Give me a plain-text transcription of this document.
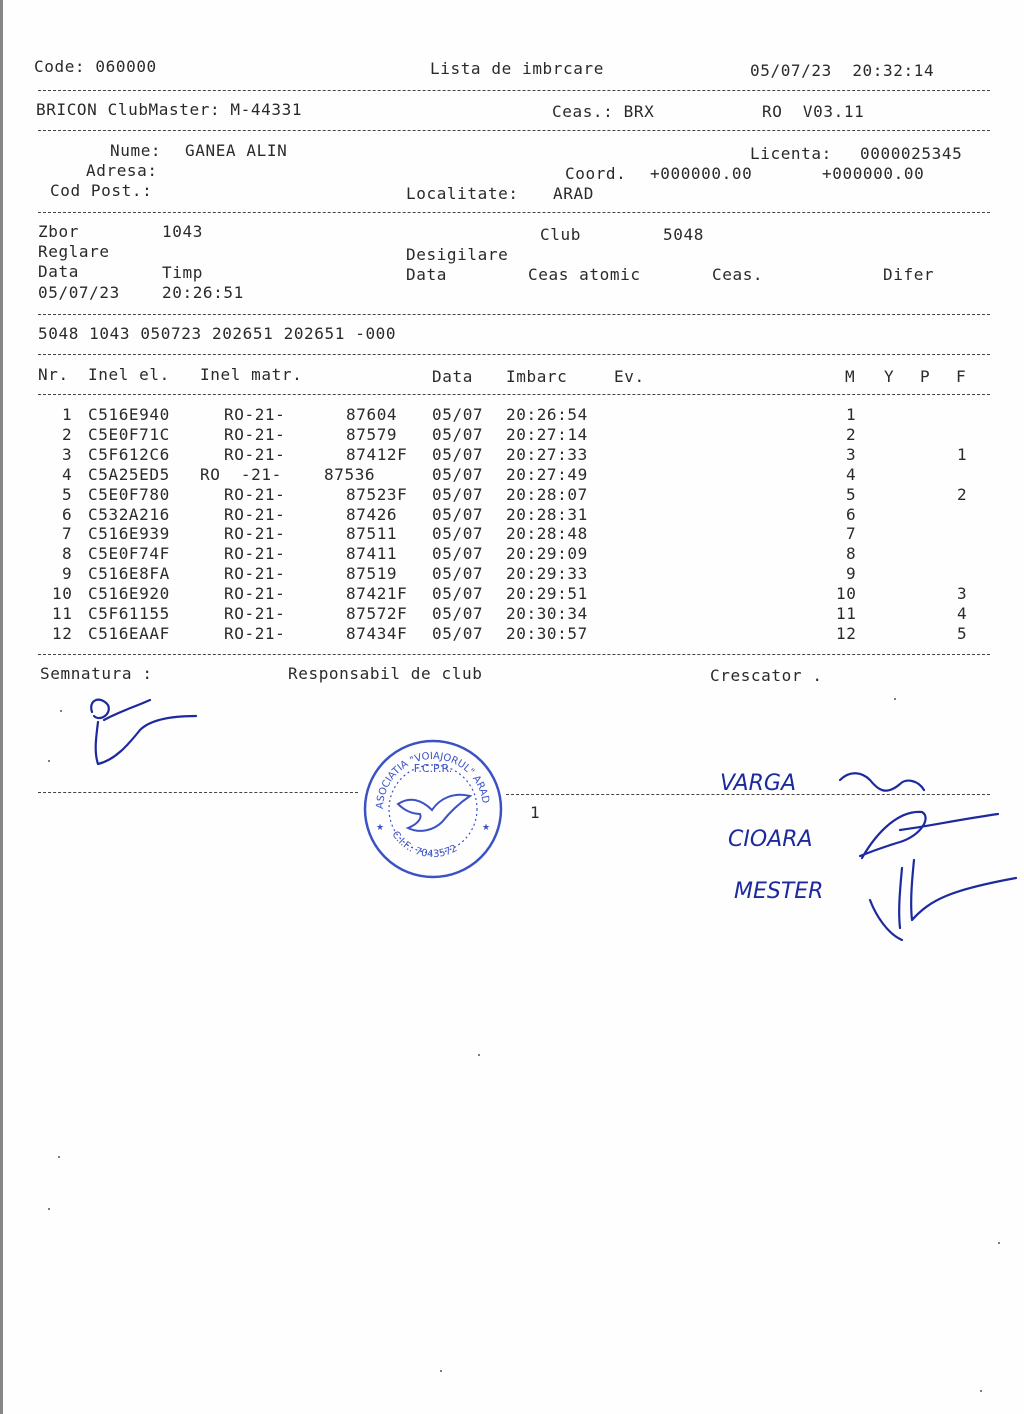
Code: 060000	Lista de imbrcare	05/07/23  20:32:14
BRICON ClubMaster: M-44331	Ceas.: BRX	RO  V03.11
Nume: GANEA ALIN	Licenta: 0000025345
Adresa:	Coord. +000000.00	+000000.00
Cod Post.:	Localitate: ARAD
Zbor	1043	Club	5048
Reglare	Desigilare
Data	Timp	Data	Ceas atomic	Ceas.	Difer
05/07/23	20:26:51
5048 1043 050723 202651 202651 -000
Nr. Inel el. Inel matr.	Data Imbarc	Ev.	M Y P F
1 C516E940	RO-21-	87604 05/07 20:26:54	1
2 C5E0F71C	RO-21-	87579 05/07 20:27:14	2
3 C5F612C6	RO-21-	87412F 05/07 20:27:33	3	1
4 C5A25ED5 RO  -21-	87536	05/07 20:27:49	4
5 C5E0F780	RO-21-	87523F 05/07 20:28:07	5	2
6 C532A216	RO-21-	87426 05/07 20:28:31	6
7 C516E939	RO-21-	87511 05/07 20:28:48	7
8 C5E0F74F	RO-21-	87411 05/07 20:29:09	8
9 C516E8FA	RO-21-	87519 05/07 20:29:33	9
10 C516E920	RO-21-	87421F 05/07 20:29:51	10	3
11 C5F61155	RO-21-	87572F 05/07 20:30:34	11	4
12 C516EAAF	RO-21-	87434F 05/07 20:30:57	12	5
Semnatura :	Responsabil de club	Crescator .
1
VARGA
CIOARA
MESTER
ASOCIATIA "VOIAJORUL" ARAD
F.C.P.R.
C.I.F.: 7043572
★	★
